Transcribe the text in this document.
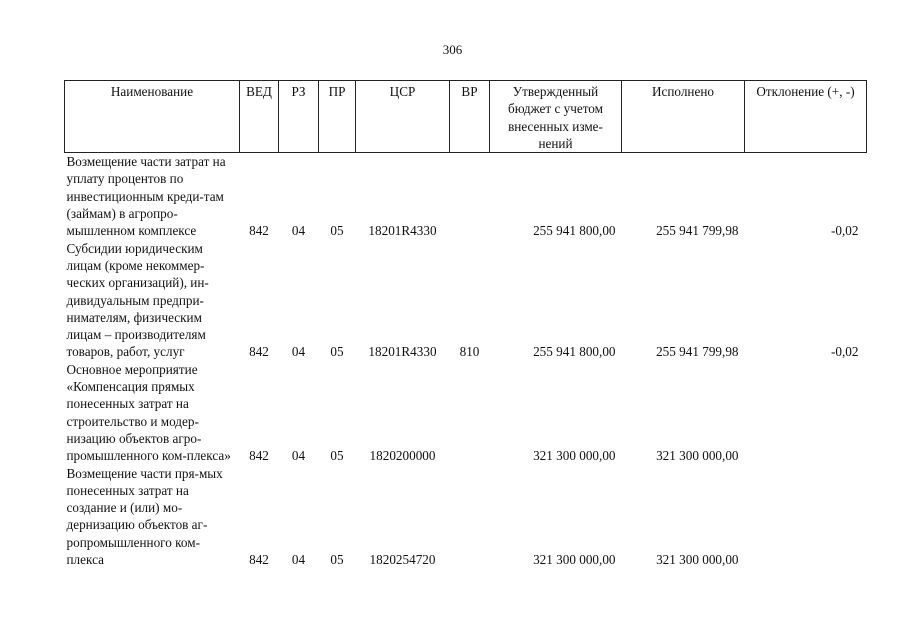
306
Наименование	ВЕД	РЗ	ПР	ЦСР	ВР	Утвержденный бюджет с учетом внесенных изме-нений	Исполнено	Отклонение (+, -)

Возмещение части затрат на уплату процентов по инвестиционным креди-там (займам) в агропро-мышленном комплексе	842	04	05	18201R4330		255 941 800,00	255 941 799,98	-0,02

Субсидии юридическим лицам (кроме некоммер-ческих организаций), ин-дивидуальным предпри-нимателям, физическим лицам – производителям товаров, работ, услуг	842	04	05	18201R4330	810	255 941 800,00	255 941 799,98	-0,02

Основное мероприятие «Компенсация прямых понесенных затрат на строительство и модер-низацию объектов агро-промышленного ком-плекса»	842	04	05	1820200000		321 300 000,00	321 300 000,00	

Возмещение части пря-мых понесенных затрат на создание и (или) мо-дернизацию объектов аг-ропромышленного ком-плекса	842	04	05	1820254720		321 300 000,00	321 300 000,00	
